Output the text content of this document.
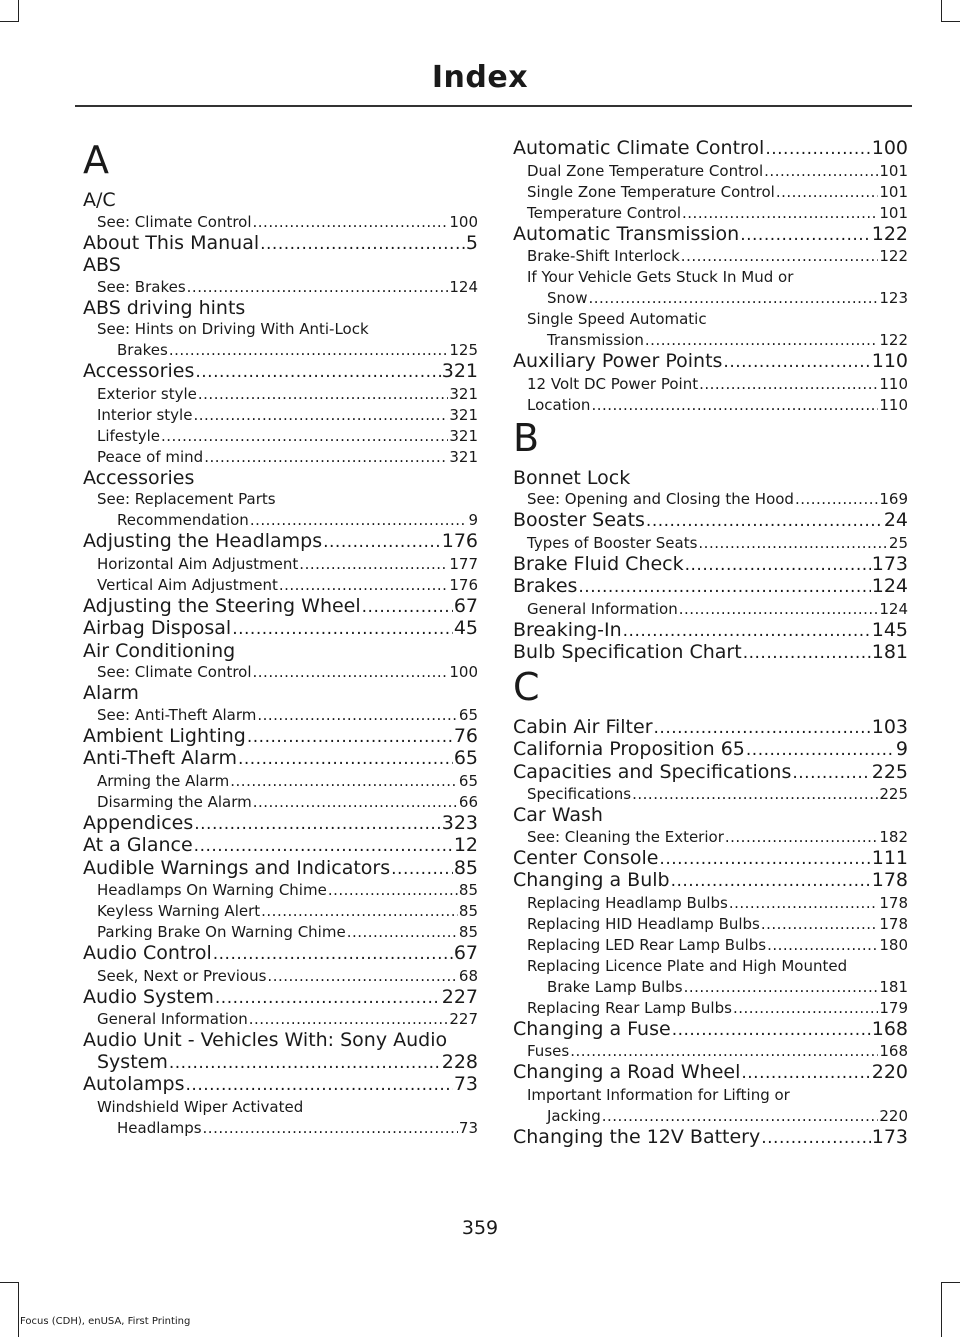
Index
A
A/C
See: Climate Control .....	100
About This Manual .....	5
ABS
See: Brakes .....	124
ABS driving hints
See: Hints on Driving With Anti-Lock
Brakes .....	125
Accessories .....	321
Exterior style .....	321
Interior style .....	321
Lifestyle .....	321
Peace of mind .....	321
Accessories
See: Replacement Parts
Recommendation .....	9
Adjusting the Headlamps .....	176
Horizontal Aim Adjustment .....	177
Vertical Aim Adjustment .....	176
Adjusting the Steering Wheel .....	67
Airbag Disposal .....	45
Air Conditioning
See: Climate Control .....	100
Alarm
See: Anti-Theft Alarm .....	65
Ambient Lighting .....	76
Anti-Theft Alarm .....	65
Arming the Alarm .....	65
Disarming the Alarm .....	66
Appendices .....	323
At a Glance .....	12
Audible Warnings and Indicators .....	85
Headlamps On Warning Chime .....	85
Keyless Warning Alert .....	85
Parking Brake On Warning Chime .....	85
Audio Control .....	67
Seek, Next or Previous .....	68
Audio System .....	227
General Information .....	227
Audio Unit - Vehicles With: Sony Audio
System .....	228
Autolamps .....	73
Windshield Wiper Activated
Headlamps .....	73
Automatic Climate Control .....	100
Dual Zone Temperature Control .....	101
Single Zone Temperature Control .....	101
Temperature Control .....	101
Automatic Transmission .....	122
Brake-Shift Interlock .....	122
If Your Vehicle Gets Stuck In Mud or
Snow .....	123
Single Speed Automatic
Transmission .....	122
Auxiliary Power Points .....	110
12 Volt DC Power Point .....	110
Location .....	110
B
Bonnet Lock
See: Opening and Closing the Hood .....	169
Booster Seats .....	24
Types of Booster Seats .....	25
Brake Fluid Check .....	173
Brakes .....	124
General Information .....	124
Breaking-In .....	145
Bulb Specification Chart .....	181
C
Cabin Air Filter .....	103
California Proposition 65 .....	9
Capacities and Specifications .....	225
Specifications .....	225
Car Wash
See: Cleaning the Exterior .....	182
Center Console .....	111
Changing a Bulb .....	178
Replacing Headlamp Bulbs .....	178
Replacing HID Headlamp Bulbs .....	178
Replacing LED Rear Lamp Bulbs .....	180
Replacing Licence Plate and High Mounted
Brake Lamp Bulbs .....	181
Replacing Rear Lamp Bulbs .....	179
Changing a Fuse .....	168
Fuses .....	168
Changing a Road Wheel .....	220
Important Information for Lifting or
Jacking .....	220
Changing the 12V Battery .....	173
359
Focus (CDH), enUSA, First Printing
